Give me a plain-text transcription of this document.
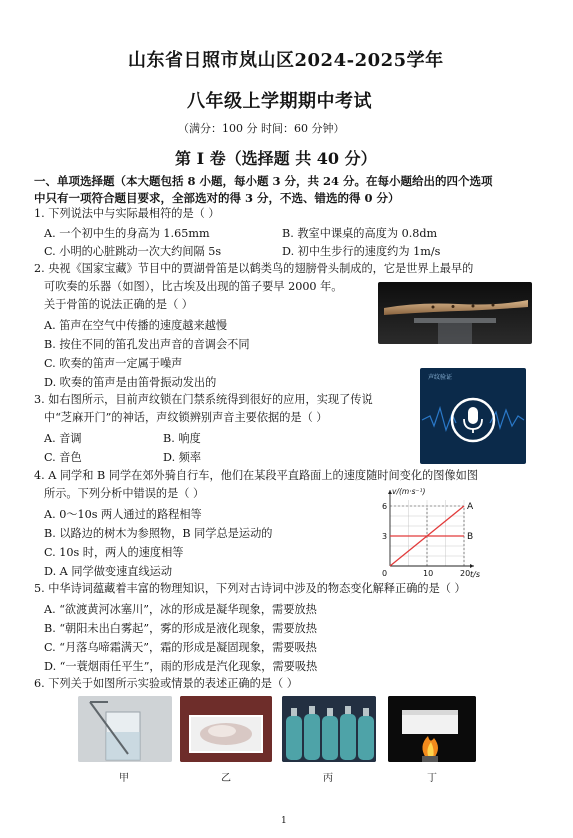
山东省日照市岚山区2024-2025学年
八年级上学期期中考试
（满分：100 分 时间：60 分钟）
第 I 卷（选择题 共 40 分）
一、单项选择题（本大题包括 8 小题，每小题 3 分，共 24 分。在每小题给出的四个选项
中只有一项符合题目要求，全部选对的得 3 分，不选、错选的得 0 分）
1. 下列说法中与实际最相符的是（ ）
A. 一个初中生的身高为 1.65mm	B. 教室中课桌的高度为 0.8dm
C. 小明的心脏跳动一次大约间隔 5s	D. 初中生步行的速度约为 1m/s
2. 央视《国家宝藏》节目中的贾湖骨笛是以鹤类鸟的翅膀骨头制成的，它是世界上最早的
可吹奏的乐器（如图），比古埃及出现的笛子要早 2000 年。
关于骨笛的说法正确的是（ ）
A. 笛声在空气中传播的速度越来越慢
B. 按住不同的笛孔发出声音的音调会不同
C. 吹奏的笛声一定属于噪声
D. 吹奏的笛声是由笛骨振动发出的
3. 如右图所示，目前声纹锁在门禁系统得到很好的应用，实现了传说
中“芝麻开门”的神话，声纹锁辨别声音主要依据的是（ ）
A. 音调	B. 响度
C. 音色	D. 频率
声纹验证
4. A 同学和 B 同学在郊外骑自行车，他们在某段平直路面上的速度随时间变化的图像如图
所示。下列分析中错误的是（ ）
A. 0～10s 两人通过的路程相等
B. 以路边的树木为参照物，B 同学总是运动的
C. 10s 时，两人的速度相等
D. A 同学做变速直线运动
A
B
0	10	20
3
6
t/s
v/(m·s⁻¹)
5. 中华诗词蕴藏着丰富的物理知识，下列对古诗词中涉及的物态变化解释正确的是（ ）
A. “欲渡黄河冰塞川”，冰的形成是凝华现象，需要放热
B. “朝阳未出白雾起”，雾的形成是液化现象，需要放热
C. “月落乌啼霜满天”，霜的形成是凝固现象，需要吸热
D. “一蓑烟雨任平生”，雨的形成是汽化现象，需要吸热
6. 下列关于如图所示实验或情景的表述正确的是（ ）
甲	乙	丙	丁
1
